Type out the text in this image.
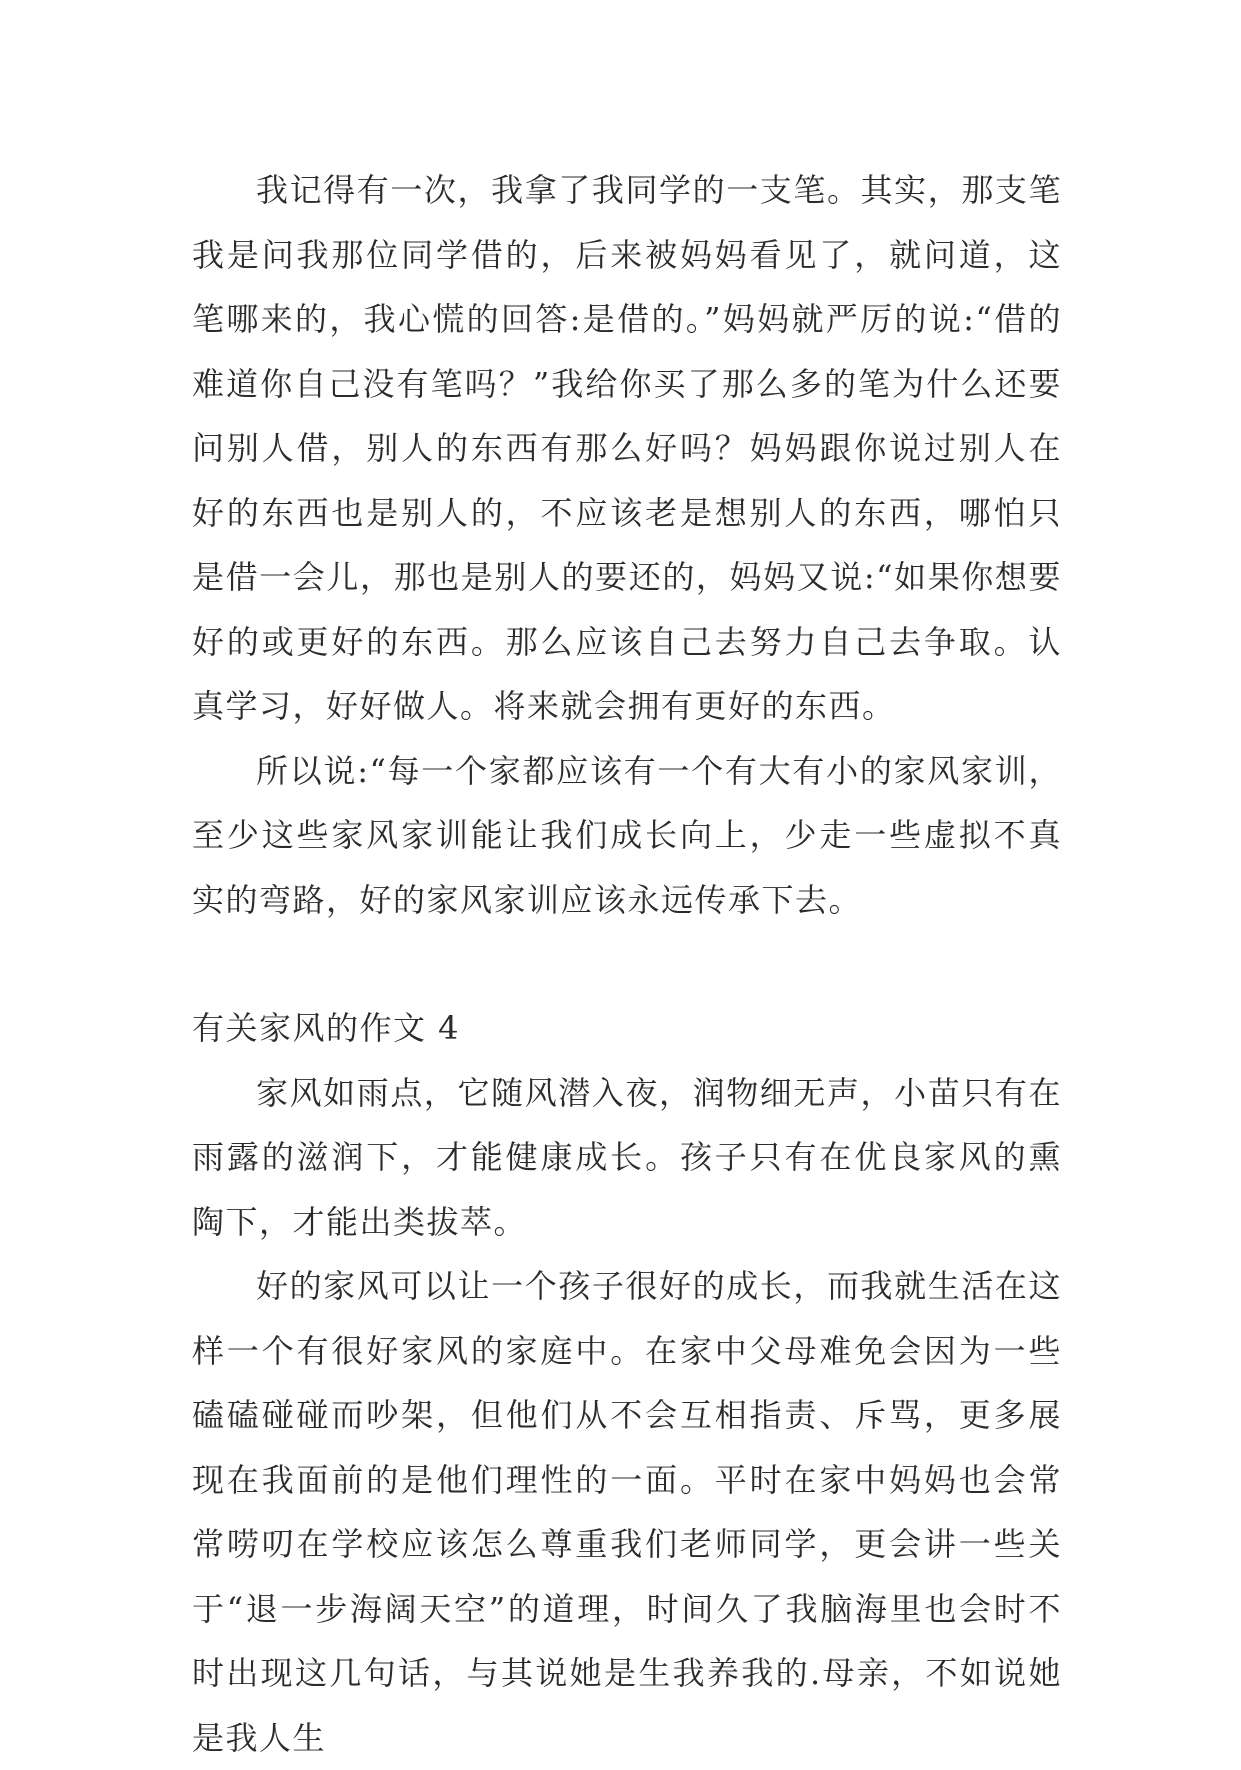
我记得有一次，我拿了我同学的一支笔。其实，那支笔我是问我那位同学借的，后来被妈妈看见了，就问道，这笔哪来的，我心慌的回答:是借的。”妈妈就严厉的说:“借的难道你自己没有笔吗？”我给你买了那么多的笔为什么还要问别人借，别人的东西有那么好吗？妈妈跟你说过别人在好的东西也是别人的，不应该老是想别人的东西，哪怕只是借一会儿，那也是别人的要还的，妈妈又说:“如果你想要好的或更好的东西。那么应该自己去努力自己去争取。认真学习，好好做人。将来就会拥有更好的东西。

所以说:“每一个家都应该有一个有大有小的家风家训，至少这些家风家训能让我们成长向上，少走一些虚拟不真实的弯路，好的家风家训应该永远传承下去。

有关家风的作文 4

家风如雨点，它随风潜入夜，润物细无声，小苗只有在雨露的滋润下，才能健康成长。孩子只有在优良家风的熏陶下，才能出类拔萃。

好的家风可以让一个孩子很好的成长，而我就生活在这样一个有很好家风的家庭中。在家中父母难免会因为一些磕磕碰碰而吵架，但他们从不会互相指责、斥骂，更多展现在我面前的是他们理性的一面。平时在家中妈妈也会常常唠叨在学校应该怎么尊重我们老师同学，更会讲一些关于“退一步海阔天空”的道理，时间久了我脑海里也会时不时出现这几句话，与其说她是生我养我的.母亲，不如说她是我人生
